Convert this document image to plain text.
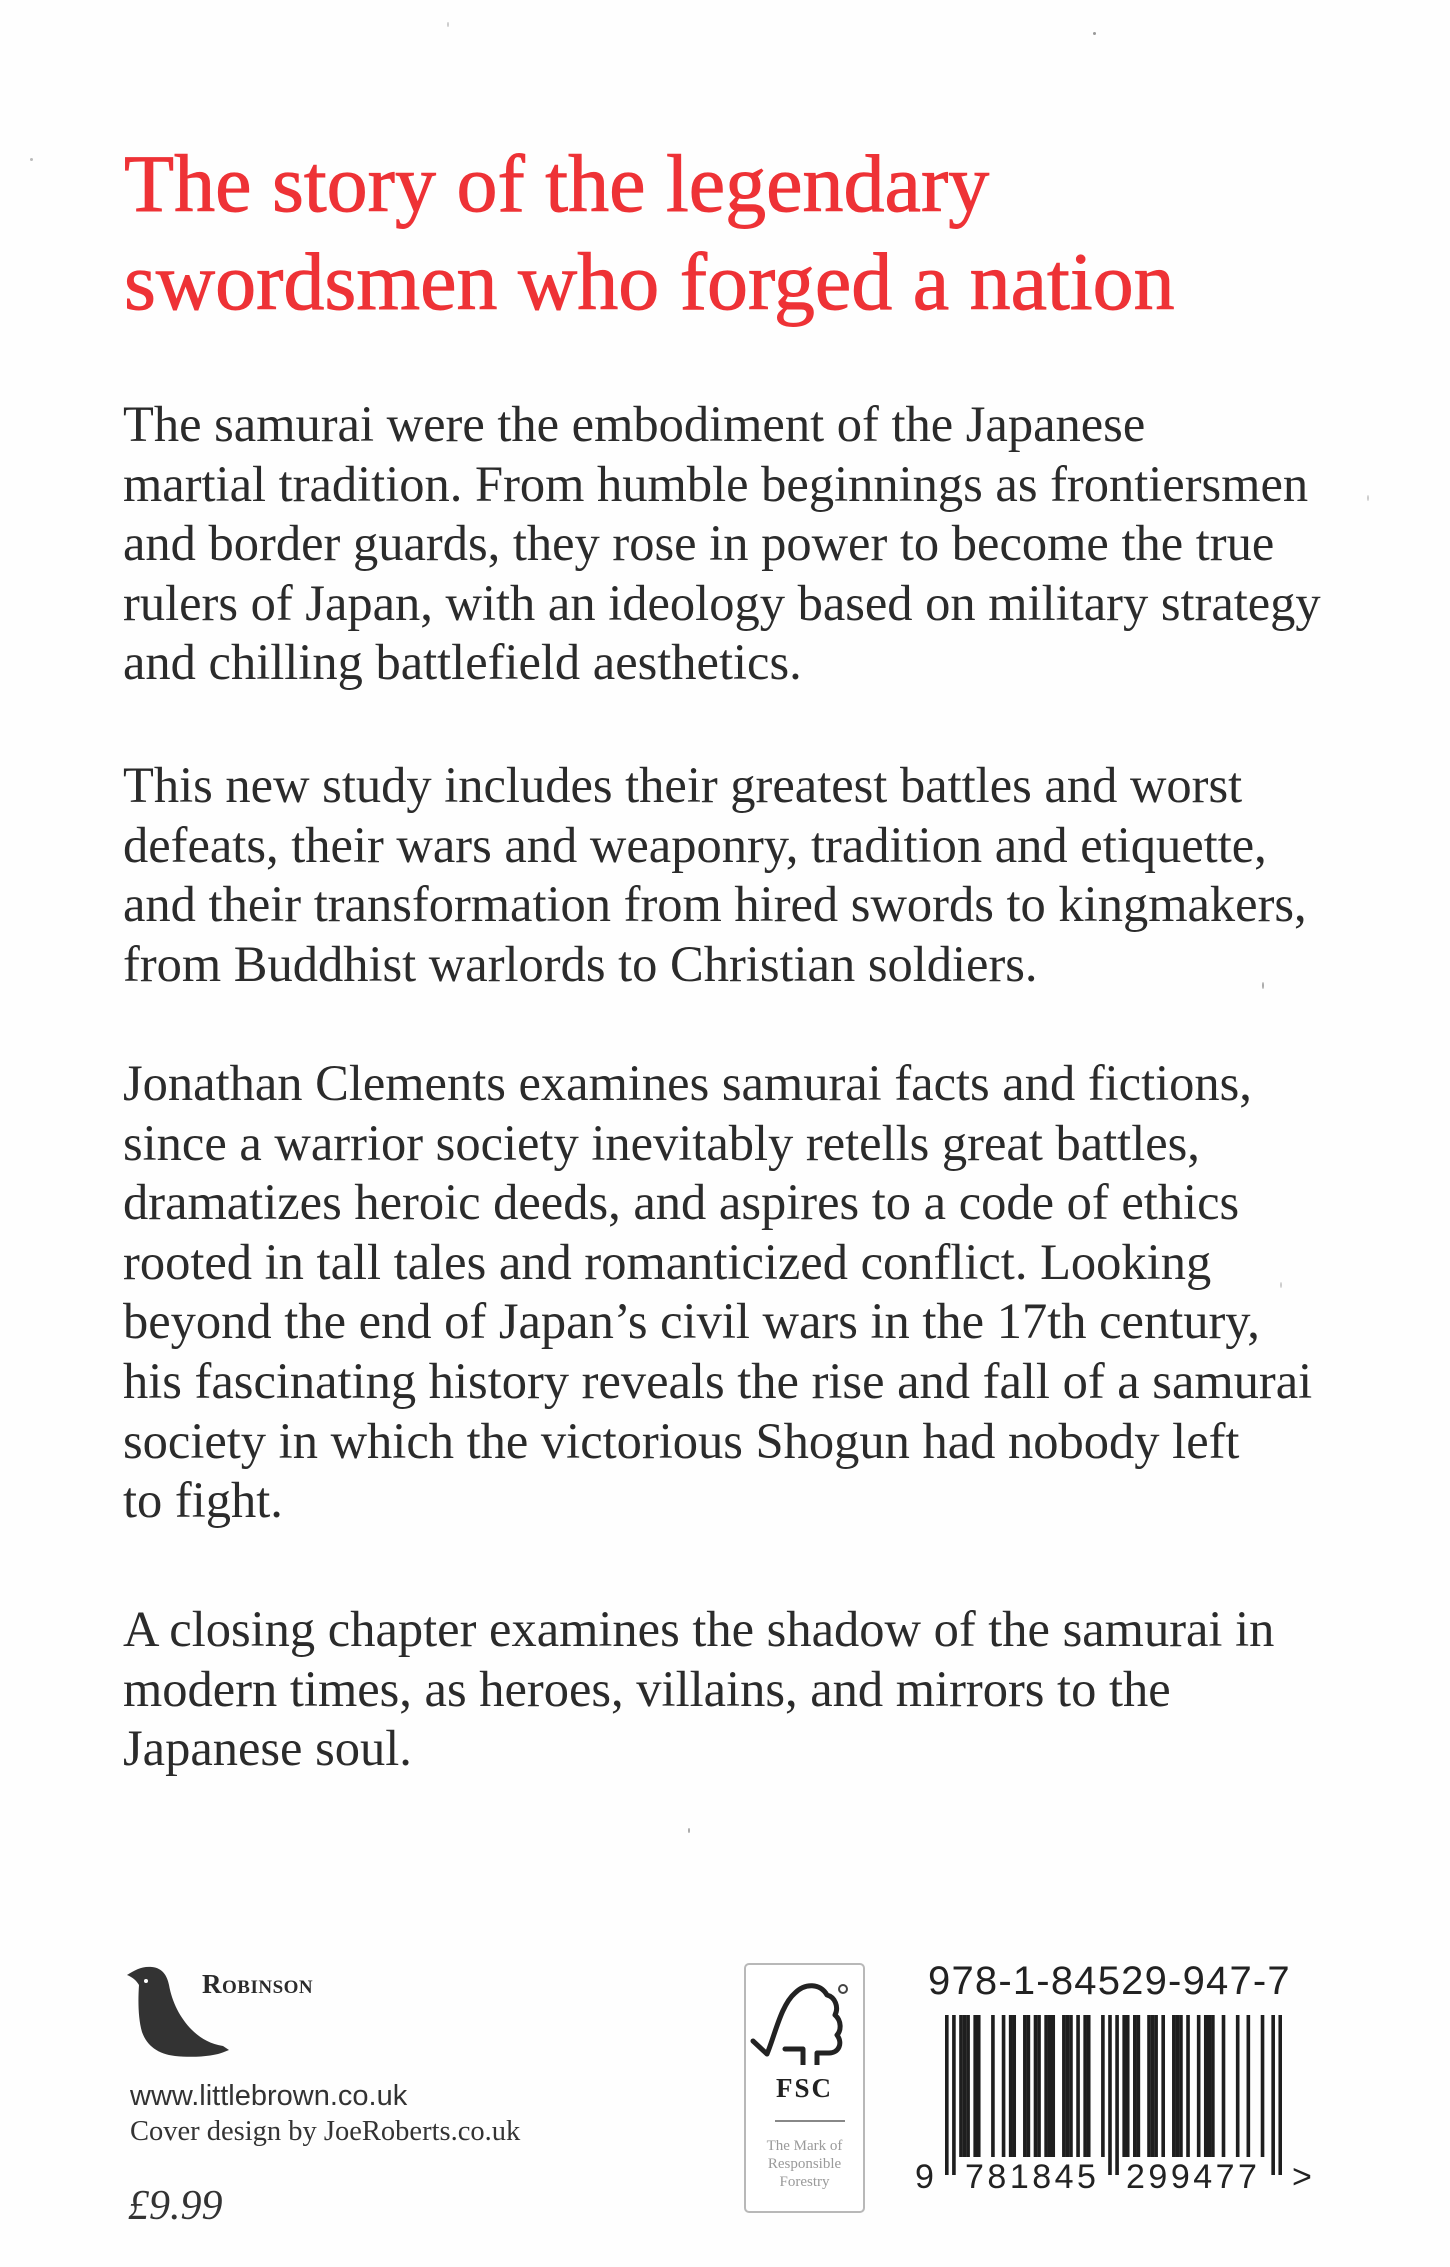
The story of the legendary
swordsmen who forged a nation
The samurai were the embodiment of the Japanese
martial tradition. From humble beginnings as frontiersmen
and border guards, they rose in power to become the true
rulers of Japan, with an ideology based on military strategy
and chilling battlefield aesthetics.
This new study includes their greatest battles and worst
defeats, their wars and weaponry, tradition and etiquette,
and their transformation from hired swords to kingmakers,
from Buddhist warlords to Christian soldiers.
Jonathan Clements examines samurai facts and fictions,
since a warrior society inevitably retells great battles,
dramatizes heroic deeds, and aspires to a code of ethics
rooted in tall tales and romanticized conflict. Looking
beyond the end of Japan’s civil wars in the 17th century,
his fascinating history reveals the rise and fall of a samurai
society in which the victorious Shogun had nobody left
to fight.
A closing chapter examines the shadow of the samurai in
modern times, as heroes, villains, and mirrors to the
Japanese soul.
Robinson
www.littlebrown.co.uk
Cover design by JoeRoberts.co.uk
£9.99
FSC
The Mark of
Responsible
Forestry
978-1-84529-947-7
9 781845 299477 >
